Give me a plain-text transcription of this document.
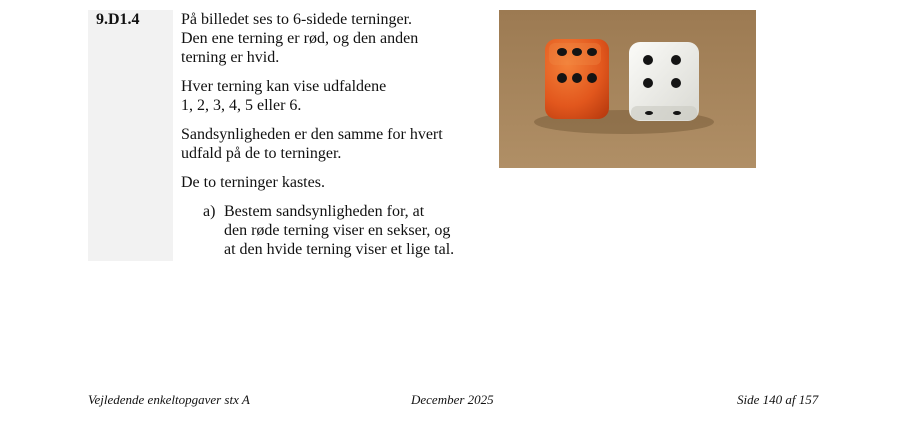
9.D1.4	På billedet ses to 6-sidede terninger.
Den ene terning er rød, og den anden
terning er hvid.

Hver terning kan vise udfaldene
1, 2, 3, 4, 5 eller 6.

Sandsynligheden er den samme for hvert
udfald på de to terninger.

De to terninger kastes.

a) Bestem sandsynligheden for, at
den røde terning viser en sekser, og
at den hvide terning viser et lige tal.
Vejledende enkeltopgaver stx A	December 2025	Side 140 af 157
